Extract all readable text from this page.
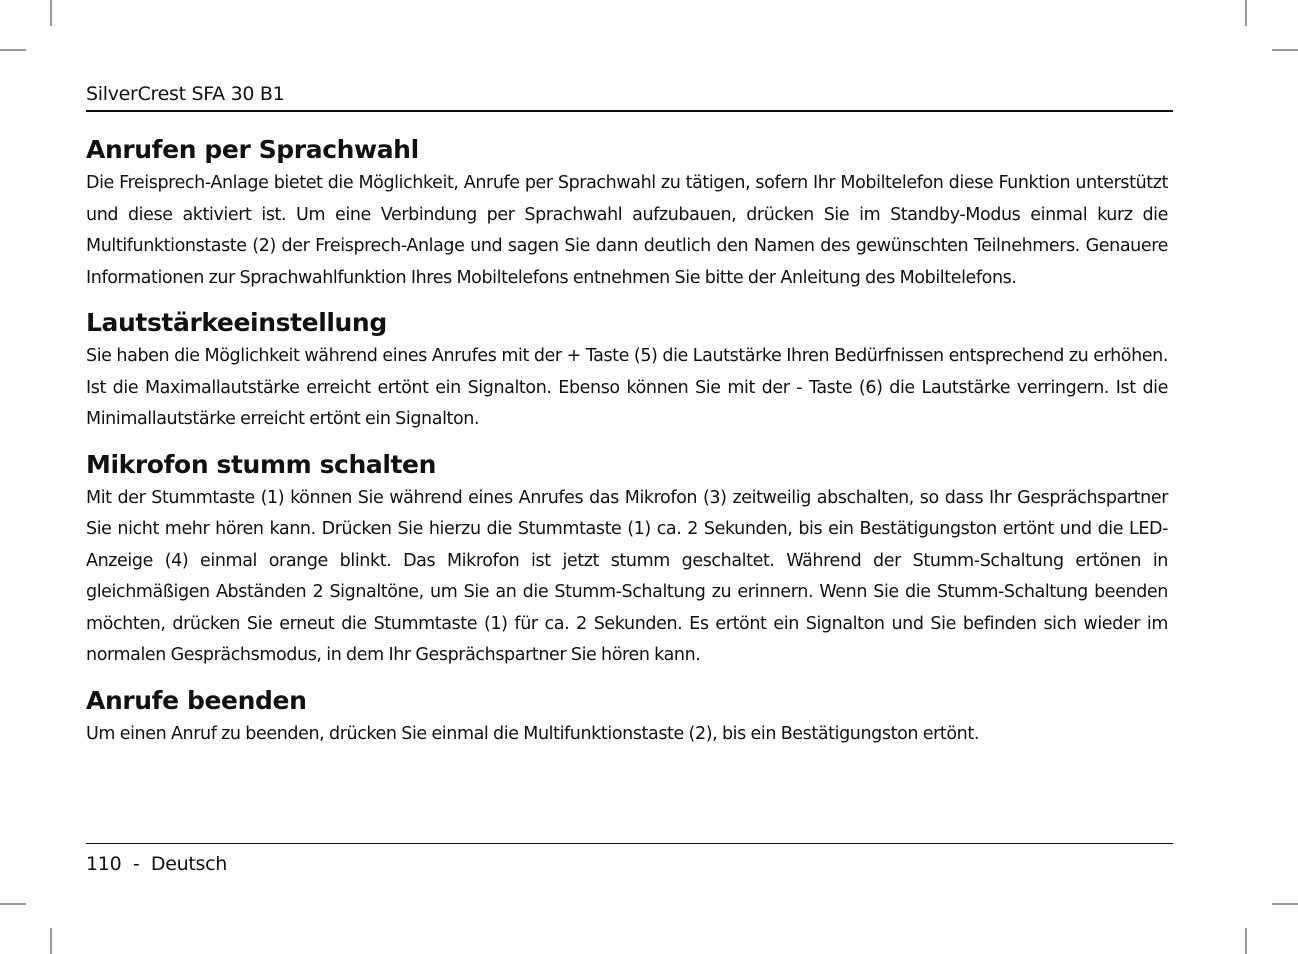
SilverCrest SFA 30 B1
Anrufen per Sprachwahl

Die Freisprech-Anlage bietet die Möglichkeit, Anrufe per Sprachwahl zu tätigen, sofern Ihr Mobiltelefon diese Funktion unterstützt und diese aktiviert ist. Um eine Verbindung per Sprachwahl aufzubauen, drücken Sie im Standby-Modus einmal kurz die Multifunktionstaste (2) der Freisprech-Anlage und sagen Sie dann deutlich den Namen des gewünschten Teilnehmers. Genauere Informationen zur Sprachwahlfunktion Ihres Mobiltelefons entnehmen Sie bitte der Anleitung des Mobiltelefons.

Lautstärkeeinstellung

Sie haben die Möglichkeit während eines Anrufes mit der + Taste (5) die Lautstärke Ihren Bedürfnissen entsprechend zu erhöhen. Ist die Maximallautstärke erreicht ertönt ein Signalton. Ebenso können Sie mit der - Taste (6) die Lautstärke verringern. Ist die Minimallautstärke erreicht ertönt ein Signalton.

Mikrofon stumm schalten

Mit der Stummtaste (1) können Sie während eines Anrufes das Mikrofon (3) zeitweilig abschalten, so dass Ihr Gesprächspartner Sie nicht mehr hören kann. Drücken Sie hierzu die Stummtaste (1) ca. 2 Sekunden, bis ein Bestätigungston ertönt und die LED-Anzeige (4) einmal orange blinkt. Das Mikrofon ist jetzt stumm geschaltet. Während der Stumm-Schaltung ertönen in gleichmäßigen Abständen 2 Signaltöne, um Sie an die Stumm-Schaltung zu erinnern. Wenn Sie die Stumm-Schaltung beenden möchten, drücken Sie erneut die Stummtaste (1) für ca. 2 Sekunden. Es ertönt ein Signalton und Sie befinden sich wieder im normalen Gesprächsmodus, in dem Ihr Gesprächspartner Sie hören kann.

Anrufe beenden

Um einen Anruf zu beenden, drücken Sie einmal die Multifunktionstaste (2), bis ein Bestätigungston ertönt.

110 - Deutsch
